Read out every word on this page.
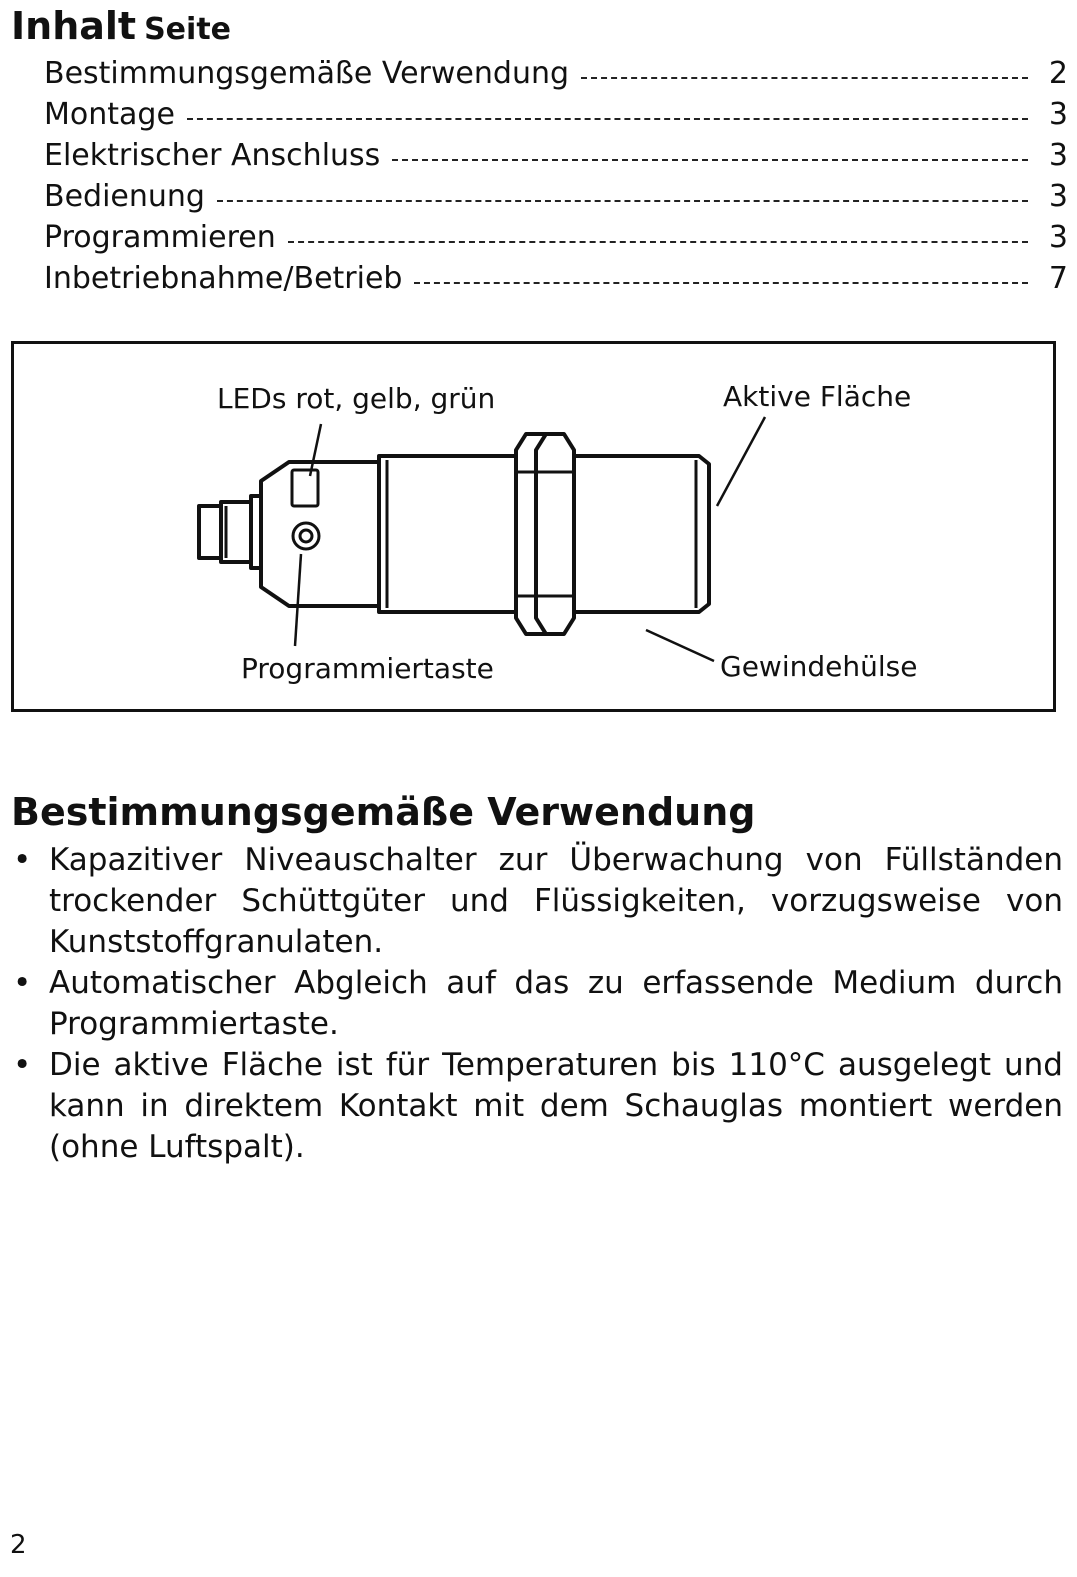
Inhalt Seite
Bestimmungsgemäße Verwendung	2
Montage	3
Elektrischer Anschluss	3
Bedienung	3
Programmieren	3
Inbetriebnahme/Betrieb	7
LEDs rot, gelb, grün	Aktive Fläche
Programmiertaste	Gewindehülse
Bestimmungsgemäße Verwendung
• Kapazitiver Niveauschalter zur Überwachung von Füllständen trockender Schüttgüter und Flüssigkeiten, vorzugsweise von Kunststoffgranulaten.
• Automatischer Abgleich auf das zu erfassende Medium durch Programmiertaste.
• Die aktive Fläche ist für Temperaturen bis 110°C ausgelegt und kann in direktem Kontakt mit dem Schauglas montiert werden (ohne Luftspalt).
2
